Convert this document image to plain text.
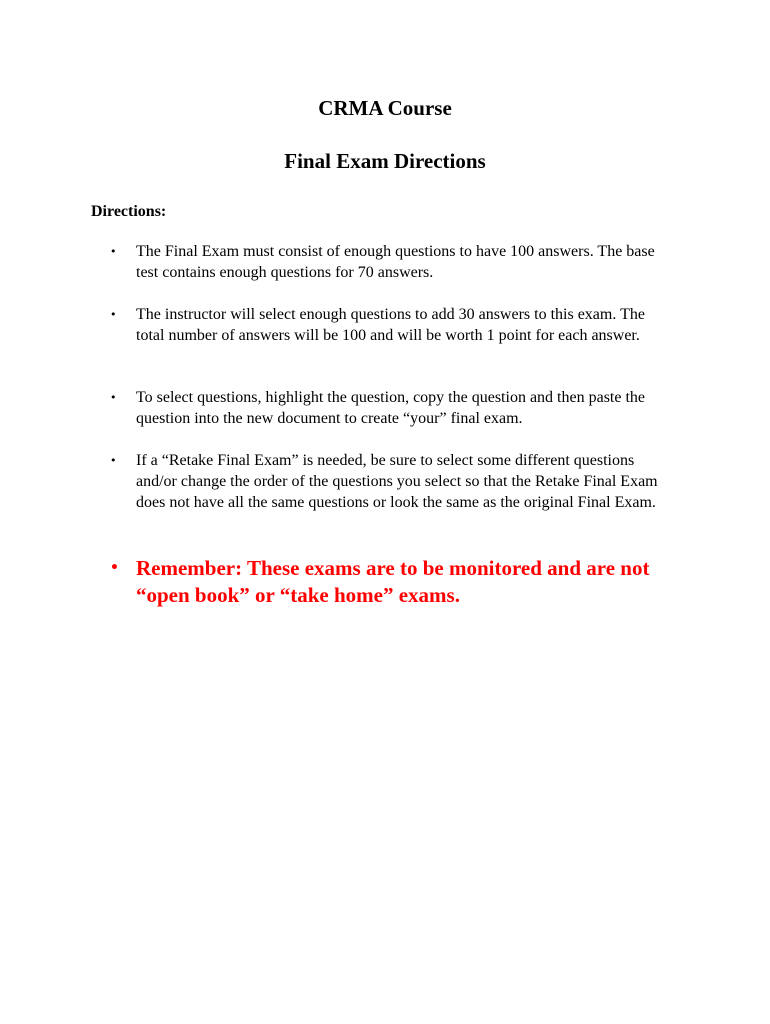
CRMA Course
Final Exam Directions

Directions:

•	The Final Exam must consist of enough questions to have 100 answers. The base test contains enough questions for 70 answers.
•	The instructor will select enough questions to add 30 answers to this exam. The total number of answers will be 100 and will be worth 1 point for each answer.
•	To select questions, highlight the question, copy the question and then paste the question into the new document to create “your” final exam.
•	If a “Retake Final Exam” is needed, be sure to select some different questions and/or change the order of the questions you select so that the Retake Final Exam does not have all the same questions or look the same as the original Final Exam.
• Remember: These exams are to be monitored and are not “open book” or “take home” exams.
